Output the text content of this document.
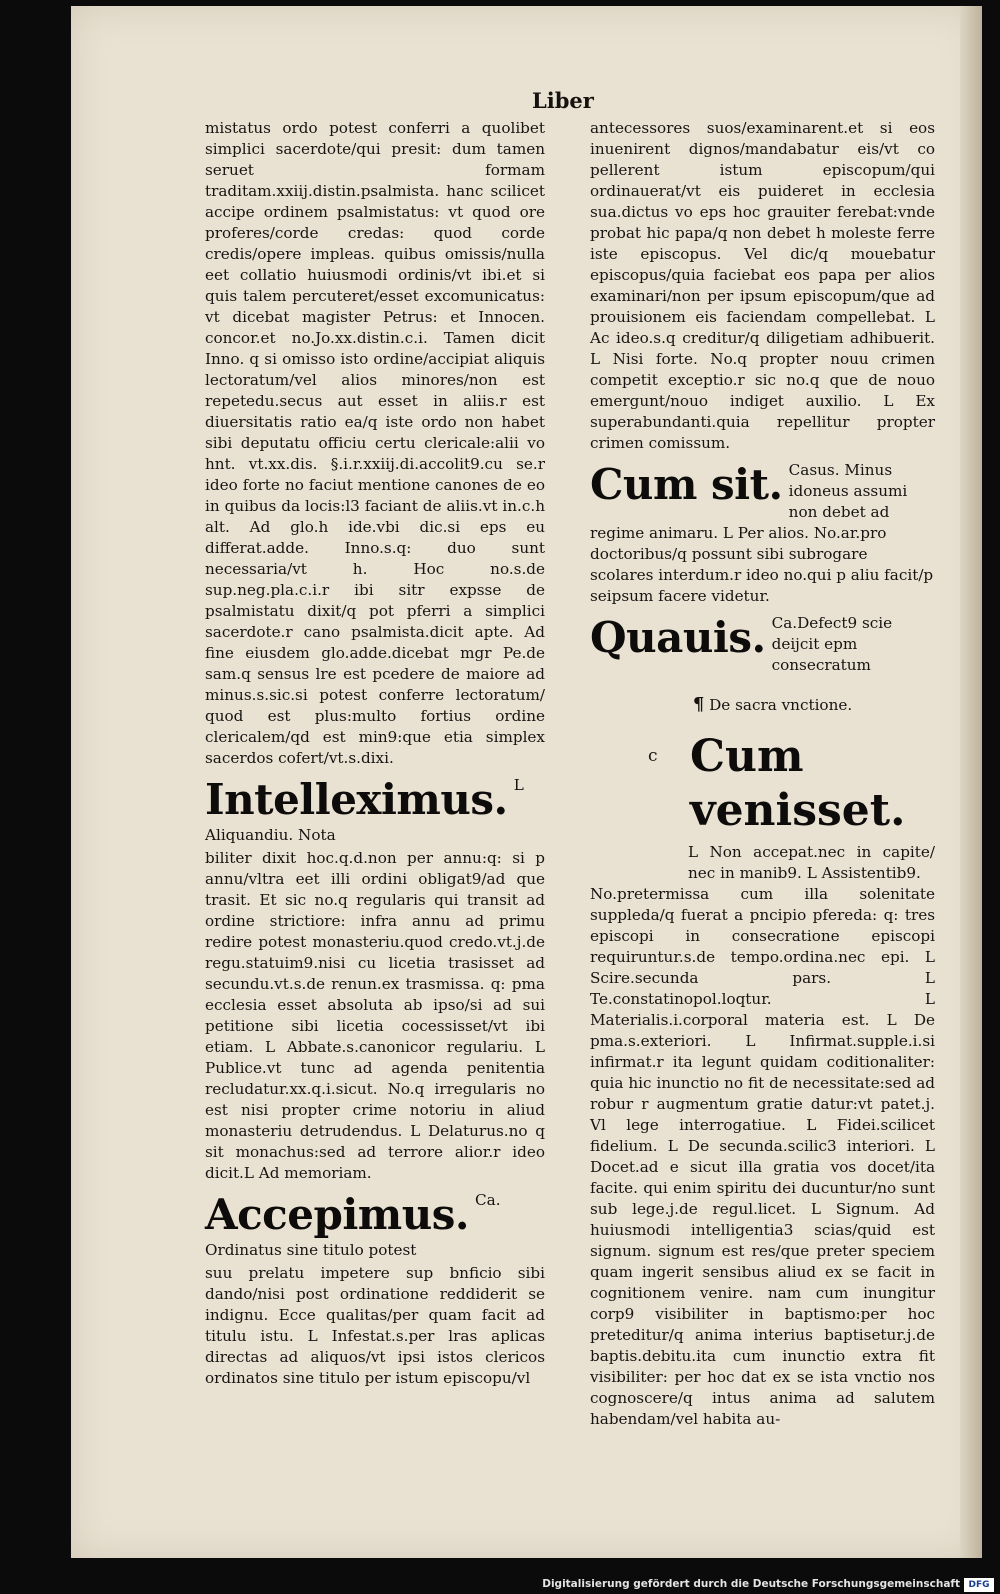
Liber

mistatus ordo potest conferri a quolibet simplici sacerdote/qui presit: dum tamen seruet formam traditam.xxiij.distin.psalmista. hanc scilicet accipe ordinem psalmistatus: vt quod ore proferes/corde credas: quod corde credis/opere impleas. quibus omissis/nulla eet collatio huiusmodi ordinis/vt ibi.et si quis talem percuteret/esset excomunicatus: vt dicebat magister Petrus: et Innocen. concor.et no.Jo.xx.distin.c.i. Tamen dicit Inno. q si omisso isto ordine/accipiat aliquis lectoratum/vel alios minores/non est repetedu.secus aut esset in aliis.r est diuersitatis ratio ea/q iste ordo non habet sibi deputatu officiu certu clericale:alii vo hnt. vt.xx.dis. §.i.r.xxiij.di.accolit9.cu se.r ideo forte no faciut mentione canones de eo in quibus da locis:l3 faciant de aliis.vt in.c.h alt. Ad glo.h ide.vbi dic.si eps eu differat.adde. Inno.s.q: duo sunt necessaria/vt h. Hoc no.s.de sup.neg.pla.c.i.r ibi sitr expsse de psalmistatu dixit/q pot pferri a simplici sacerdote.r cano psalmista.dicit apte. Ad fine eiusdem glo.adde.dicebat mgr Pe.de sam.q sensus lre est pcedere de maiore ad minus.s.sic.si potest conferre lectoratum/ quod est plus:multo fortius ordine clericalem/qd est min9:que etia simplex sacerdos cofert/vt.s.dixi.

Intelleximus. L Aliquandiu. Nota

biliter dixit hoc.q.d.non per annu:q: si p annu/vltra eet illi ordini obligat9/ad que trasit. Et sic no.q regularis qui transit ad ordine strictiore: infra annu ad primu redire potest monasteriu.quod credo.vt.j.de regu.statuim9.nisi cu licetia trasisset ad secundu.vt.s.de renun.ex trasmissa. q: pma ecclesia esset absoluta ab ipso/si ad sui petitione sibi licetia cocessisset/vt ibi etiam. L Abbate.s.canonicor regulariu. L Publice.vt tunc ad agenda penitentia recludatur.xx.q.i.sicut. No.q irregularis no est nisi propter crime notoriu in aliud monasteriu detrudendus. L Delaturus.no q sit monachus:sed ad terrore alior.r ideo dicit.L Ad memoriam.

Accepimus. Ca. Ordinatus sine titulo potest

suu prelatu impetere sup bnficio sibi dando/nisi post ordinatione reddiderit se indignu. Ecce qualitas/per quam facit ad titulu istu. L Infestat.s.per lras aplicas directas ad aliquos/vt ipsi istos clericos ordinatos sine titulo per istum episcopu/vl

antecessores suos/examinarent.et si eos inuenirent dignos/mandabatur eis/vt co pellerent istum episcopum/qui ordinauerat/vt eis puideret in ecclesia sua.dictus vo eps hoc grauiter ferebat:vnde probat hic papa/q non debet h moleste ferre iste episcopus. Vel dic/q mouebatur episcopus/quia faciebat eos papa per alios examinari/non per ipsum episcopum/que ad prouisionem eis faciendam compellebat. L Ac ideo.s.q creditur/q diligetiam adhibuerit. L Nisi forte. No.q propter nouu crimen competit exceptio.r sic no.q que de nouo emergunt/nouo indiget auxilio. L Ex superabundanti.quia repellitur propter crimen comissum.

Cum sit. Casus. Minus idoneus assumi non debet ad regime animaru. L Per alios. No.ar.pro doctoribus/q possunt sibi subrogare scolares interdum.r ideo no.qui p aliu facit/p seipsum facere videtur.
Quauis. Ca.Defect9 scie deijcit epm consecratum
¶ De sacra vnctione.
Cum venisset.

L Non accepat.nec in capite/ nec in manib9. L Assistentib9.

No.pretermissa cum illa solenitate suppleda/q fuerat a pncipio pfereda: q: tres episcopi in consecratione episcopi requiruntur.s.de tempo.ordina.nec epi. L Scire.secunda pars. L Te.constatinopol.loqtur. L Materialis.i.corporal materia est. L De pma.s.exteriori. L Infirmat.supple.i.si infirmat.r ita legunt quidam coditionaliter: quia hic inunctio no fit de necessitate:sed ad robur r augmentum gratie datur:vt patet.j. Vl lege interrogatiue. L Fidei.scilicet fidelium. L De secunda.scilic3 interiori. L Docet.ad e sicut illa gratia vos docet/ita facite. qui enim spiritu dei ducuntur/no sunt sub lege.j.de regul.licet. L Signum. Ad huiusmodi intelligentia3 scias/quid est signum. signum est res/que preter speciem quam ingerit sensibus aliud ex se facit in cognitionem venire. nam cum inungitur corp9 visibiliter in baptismo:per hoc preteditur/q anima interius baptisetur.j.de baptis.debitu.ita cum inunctio extra fit visibiliter: per hoc dat ex se ista vnctio nos cognoscere/q intus anima ad salutem habendam/vel habita au-

c
Digitalisierung gefördert durch die Deutsche Forschungsgemeinschaft DFG
